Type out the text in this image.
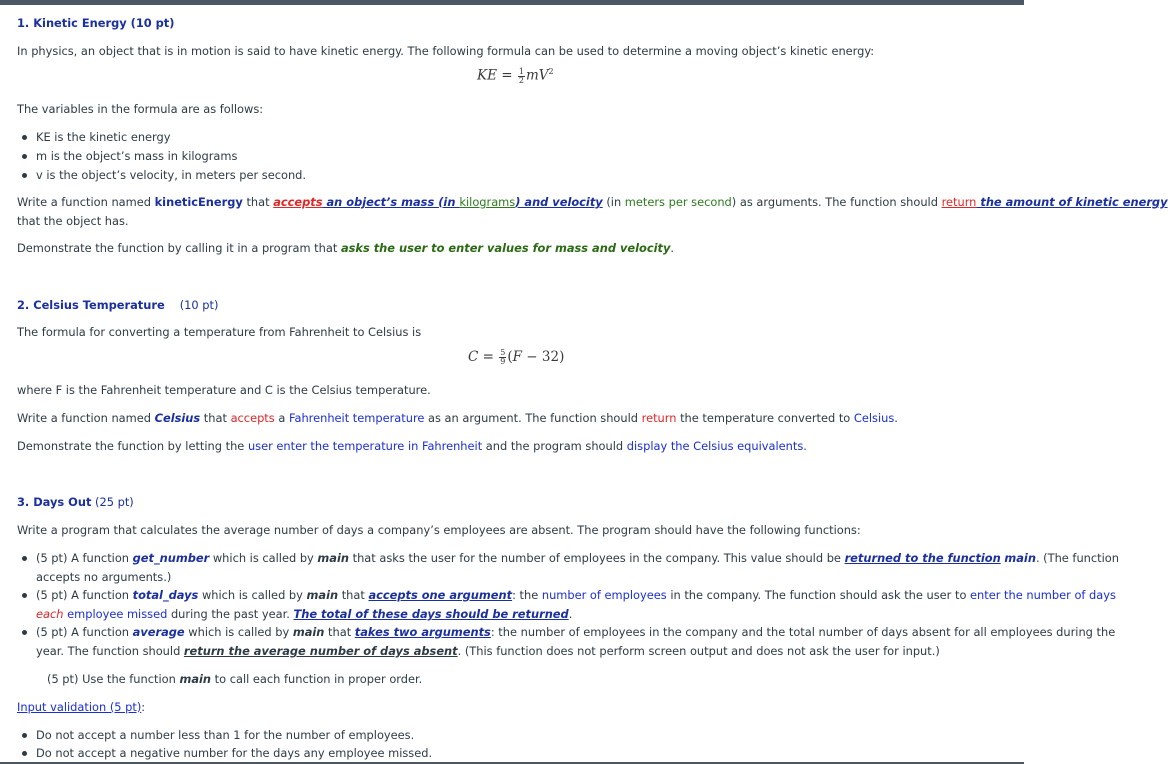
1. Kinetic Energy (10 pt)
In physics, an object that is in motion is said to have kinetic energy. The following formula can be used to determine a moving object’s kinetic energy:
KE = $\frac{1}{2} mV^2$
The variables in the formula are as follows:
KE is the kinetic energy
m is the object’s mass in kilograms
v is the object’s velocity, in meters per second.
Write a function named kineticEnergy that accepts an object’s mass (in kilograms) and velocity (in meters per second) as arguments. The function should return the amount of kinetic energy
that the object has.
Demonstrate the function by calling it in a program that asks the user to enter values for mass and velocity.
2. Celsius Temperature (10 pt)
The formula for converting a temperature from Fahrenheit to Celsius is
$C = \frac{5}{9} (F - 32)$
where F is the Fahrenheit temperature and C is the Celsius temperature.
Write a function named Celsius that accepts a Fahrenheit temperature as an argument. The function should return the temperature converted to Celsius.
Demonstrate the function by letting the user enter the temperature in Fahrenheit and the program should display the Celsius equivalents.
3. Days Out (25 pt)
Write a program that calculates the average number of days a company’s employees are absent. The program should have the following functions:
(5 pt) A function get_number which is called by main that asks the user for the number of employees in the company. This value should be returned to the function main. (The function
accepts no arguments.)
(5 pt) A function total_days which is called by main that accepts one argument: the number of employees in the company. The function should ask the user to enter the number of days
each employee missed during the past year. The total of these days should be returned.
(5 pt) A function average which is called by main that takes two arguments: the number of employees in the company and the total number of days absent for all employees during the
year. The function should return the average number of days absent. (This function does not perform screen output and does not ask the user for input.)
(5 pt) Use the function main to call each function in proper order.
Input validation (5 pt):
Do not accept a number less than 1 for the number of employees.
Do not accept a negative number for the days any employee missed.
